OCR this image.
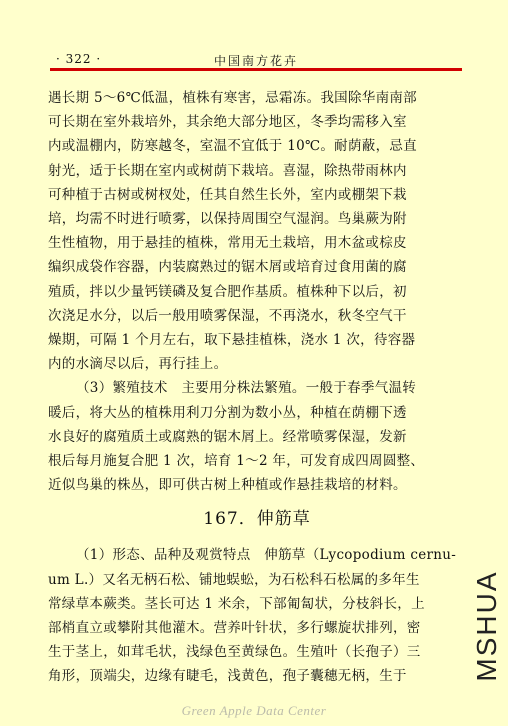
· 322 ·	中国南方花卉
遇长期 5～6℃低温，植株有寒害，忌霜冻。我国除华南南部
可长期在室外栽培外，其余绝大部分地区，冬季均需移入室
内或温棚内，防寒越冬，室温不宜低于 10℃。耐荫蔽，忌直
射光，适于长期在室内或树荫下栽培。喜湿，除热带雨林内
可种植于古树或树杈处，任其自然生长外，室内或棚架下栽
培，均需不时进行喷雾，以保持周围空气湿润。鸟巢蕨为附
生性植物，用于悬挂的植株，常用无土栽培，用木盆或棕皮
编织成袋作容器，内装腐熟过的锯木屑或培育过食用菌的腐
殖质，拌以少量钙镁磷及复合肥作基质。植株种下以后，初
次浇足水分，以后一般用喷雾保湿，不再浇水，秋冬空气干
燥期，可隔 1 个月左右，取下悬挂植株，浇水 1 次，待容器
内的水滴尽以后，再行挂上。
（3）繁殖技术　主要用分株法繁殖。一般于春季气温转
暖后，将大丛的植株用利刀分割为数小丛，种植在荫棚下透
水良好的腐殖质土或腐熟的锯木屑上。经常喷雾保湿，发新
根后每月施复合肥 1 次，培育 1～2 年，可发育成四周圆整、
近似鸟巢的株丛，即可供古树上种植或作悬挂栽培的材料。
167．伸筋草
（1）形态、品种及观赏特点　伸筋草（Lycopodium cernu-
um L.）又名无柄石松、铺地蜈蚣，为石松科石松属的多年生
常绿草本蕨类。茎长可达 1 米余，下部匍匐状，分枝斜长，上
部梢直立或攀附其他灌木。营养叶针状，多行螺旋状排列，密
生于茎上，如茸毛状，浅绿色至黄绿色。生殖叶（长孢子）三
角形，顶端尖，边缘有睫毛，浅黄色，孢子囊穗无柄，生于	MSHUA
Green Apple Data Center
